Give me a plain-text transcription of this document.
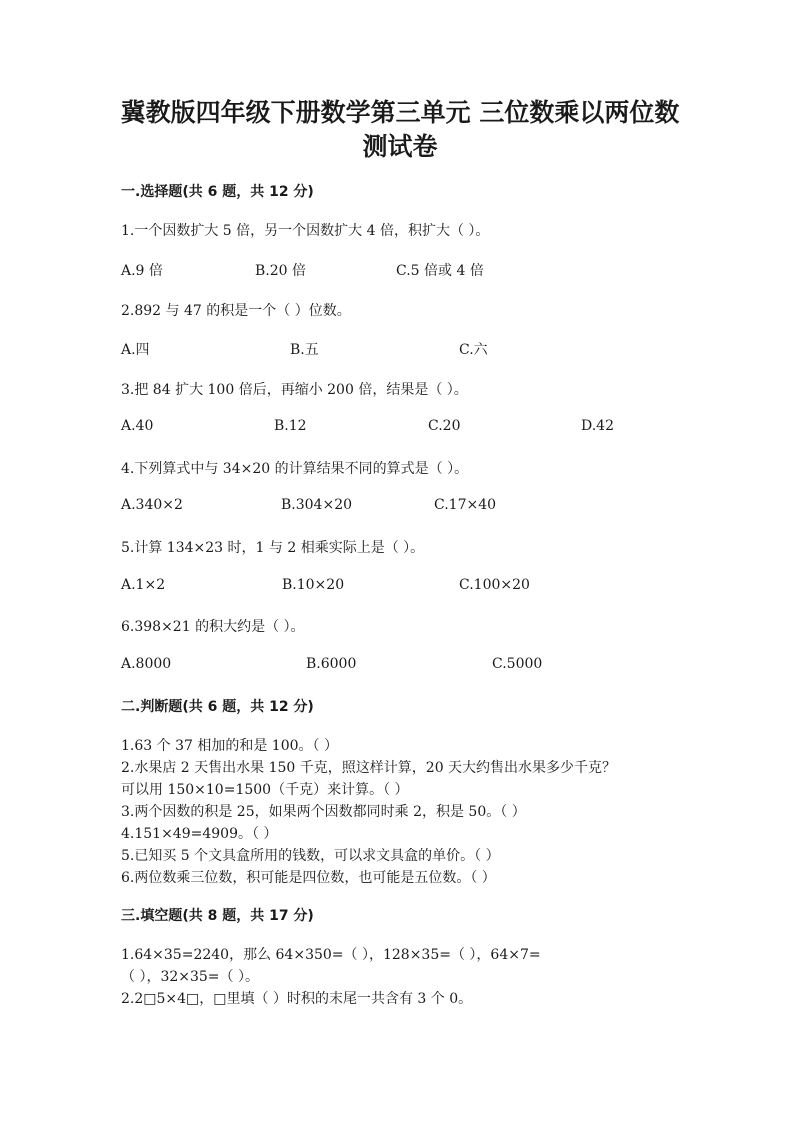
冀教版四年级下册数学第三单元 三位数乘以两位数
测试卷
一.选择题(共 6 题，共 12 分)
1.一个因数扩大 5 倍，另一个因数扩大 4 倍，积扩大（ ）。
A.9 倍	B.20 倍	C.5 倍或 4 倍
2.892 与 47 的积是一个（ ）位数。
A.四	B.五	C.六
3.把 84 扩大 100 倍后，再缩小 200 倍，结果是（ ）。
A.40	B.12	C.20	D.42
4.下列算式中与 34×20 的计算结果不同的算式是（ ）。
A.340×2	B.304×20	C.17×40
5.计算 134×23 时，1 与 2 相乘实际上是（ ）。
A.1×2	B.10×20	C.100×20
6.398×21 的积大约是（ ）。
A.8000	B.6000	C.5000
二.判断题(共 6 题，共 12 分)
1.63 个 37 相加的和是 100。（ ）
2.水果店 2 天售出水果 150 千克，照这样计算，20 天大约售出水果多少千克？
可以用 150×10=1500（千克）来计算。（ ）
3.两个因数的积是 25，如果两个因数都同时乘 2，积是 50。（ ）
4.151×49=4909。（ ）
5.已知买 5 个文具盒所用的钱数，可以求文具盒的单价。（ ）
6.两位数乘三位数，积可能是四位数，也可能是五位数。（ ）
三.填空题(共 8 题，共 17 分)
1.64×35=2240，那么 64×350=（ ），128×35=（ ），64×7=
（ ），32×35=（ ）。
2.2□5×4□，□里填（ ）时积的末尾一共含有 3 个 0。
